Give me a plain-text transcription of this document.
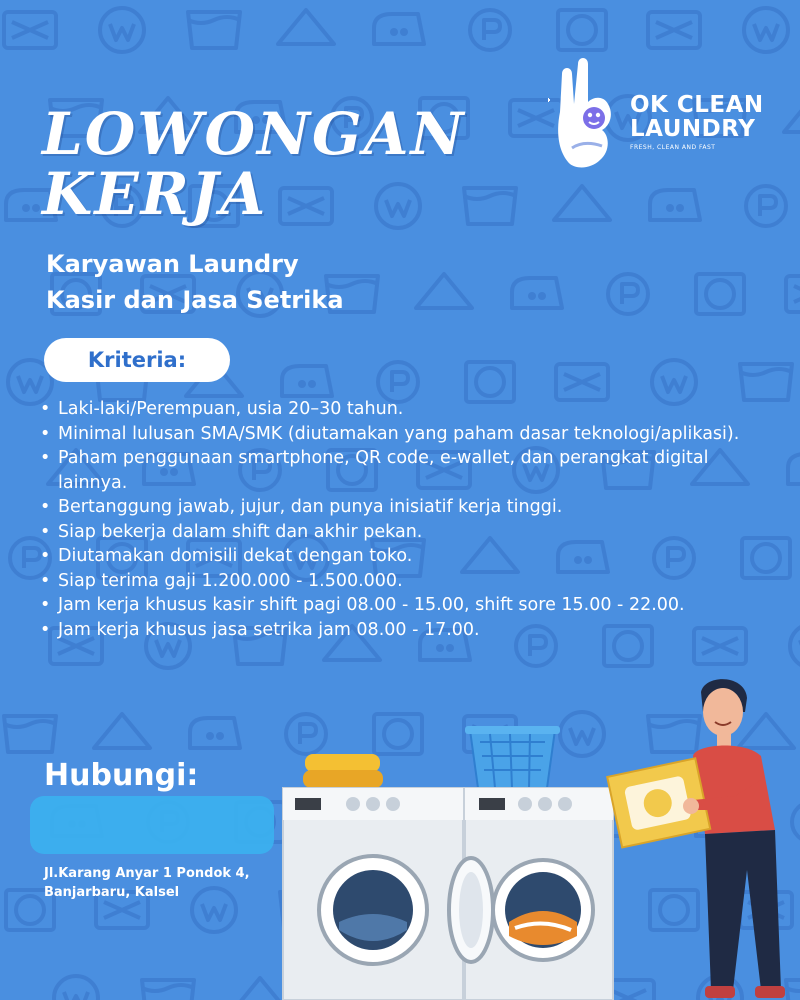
OK CLEAN
LAUNDRY
FRESH, CLEAN AND FAST
LOWONGAN
KERJA
Karyawan Laundry
Kasir dan Jasa Setrika
Kriteria:
• Laki-laki/Perempuan, usia 20–30 tahun.
• Minimal lulusan SMA/SMK (diutamakan yang paham dasar teknologi/aplikasi).
• Paham penggunaan smartphone, QR code, e-wallet, dan perangkat digital lainnya.
• Bertanggung jawab, jujur, dan punya inisiatif kerja tinggi.
• Siap bekerja dalam shift dan akhir pekan.
• Diutamakan domisili dekat dengan toko.
• Siap terima gaji 1.200.000 - 1.500.000.
• Jam kerja khusus kasir shift pagi 08.00 - 15.00, shift sore 15.00 - 22.00.
• Jam kerja khusus jasa setrika jam 08.00 - 17.00.
Hubungi:
Jl.Karang Anyar 1 Pondok 4,
Banjarbaru, Kalsel
